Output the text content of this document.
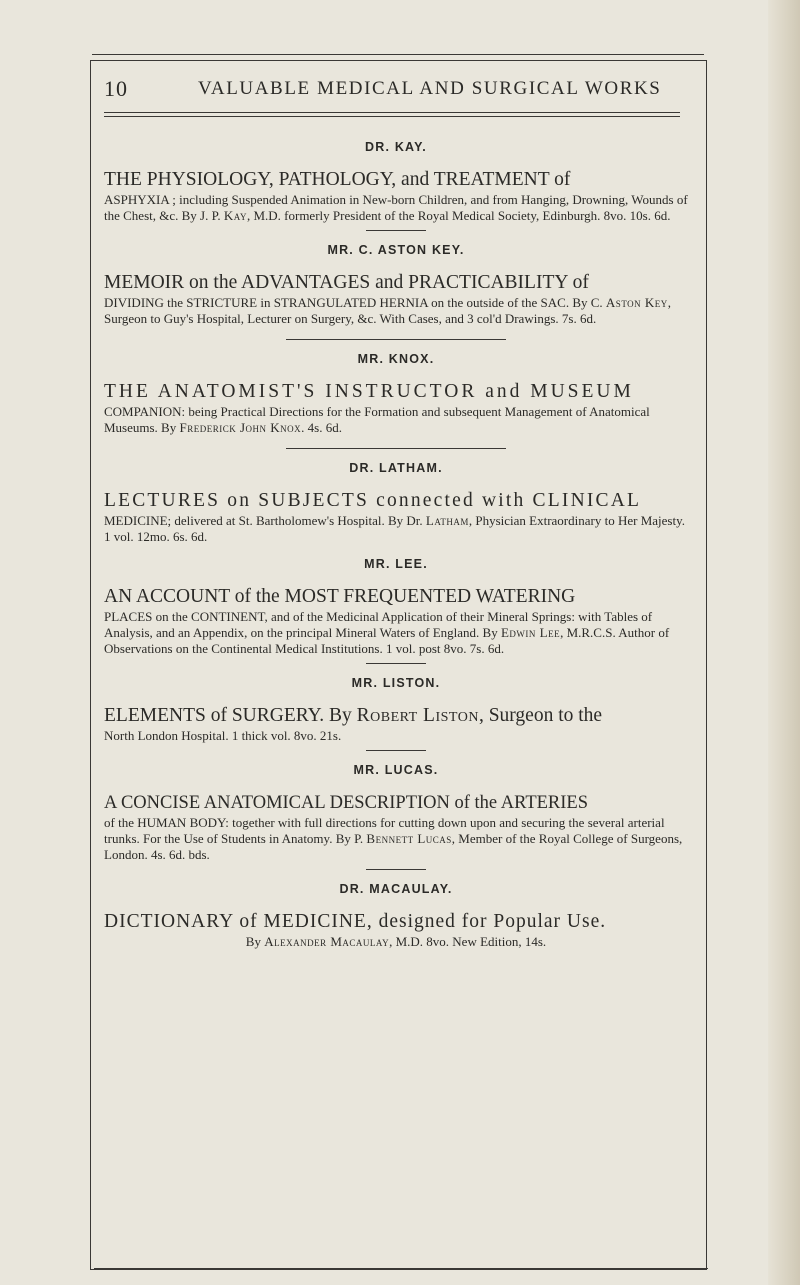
10	VALUABLE MEDICAL AND SURGICAL WORKS
DR. KAY.

THE PHYSIOLOGY, PATHOLOGY, and TREATMENT of

ASPHYXIA ; including Suspended Animation in New-born Children, and from Hanging, Drowning, Wounds of the Chest, &c. By J. P. Kay, M.D. formerly President of the Royal Medical Society, Edinburgh. 8vo. 10s. 6d.

MR. C. ASTON KEY.

MEMOIR on the ADVANTAGES and PRACTICABILITY of

DIVIDING the STRICTURE in STRANGULATED HERNIA on the outside of the SAC. By C. Aston Key, Surgeon to Guy's Hospital, Lecturer on Surgery, &c. With Cases, and 3 col'd Drawings. 7s. 6d.

MR. KNOX.

THE ANATOMIST'S INSTRUCTOR and MUSEUM

COMPANION: being Practical Directions for the Formation and subsequent Management of Anatomical Museums. By Frederick John Knox. 4s. 6d.

DR. LATHAM.

LECTURES on SUBJECTS connected with CLINICAL

MEDICINE; delivered at St. Bartholomew's Hospital. By Dr. Latham, Physician Extraordinary to Her Majesty. 1 vol. 12mo. 6s. 6d.

MR. LEE.

AN ACCOUNT of the MOST FREQUENTED WATERING

PLACES on the CONTINENT, and of the Medicinal Application of their Mineral Springs: with Tables of Analysis, and an Appendix, on the principal Mineral Waters of England. By Edwin Lee, M.R.C.S. Author of Observations on the Continental Medical Institutions. 1 vol. post 8vo. 7s. 6d.

MR. LISTON.

ELEMENTS of SURGERY. By Robert Liston, Surgeon to the

North London Hospital. 1 thick vol. 8vo. 21s.

MR. LUCAS.

A CONCISE ANATOMICAL DESCRIPTION of the ARTERIES

of the HUMAN BODY: together with full directions for cutting down upon and securing the several arterial trunks. For the Use of Students in Anatomy. By P. Bennett Lucas, Member of the Royal College of Surgeons, London. 4s. 6d. bds.

DR. MACAULAY.

DICTIONARY of MEDICINE, designed for Popular Use.

By Alexander Macaulay, M.D. 8vo. New Edition, 14s.
